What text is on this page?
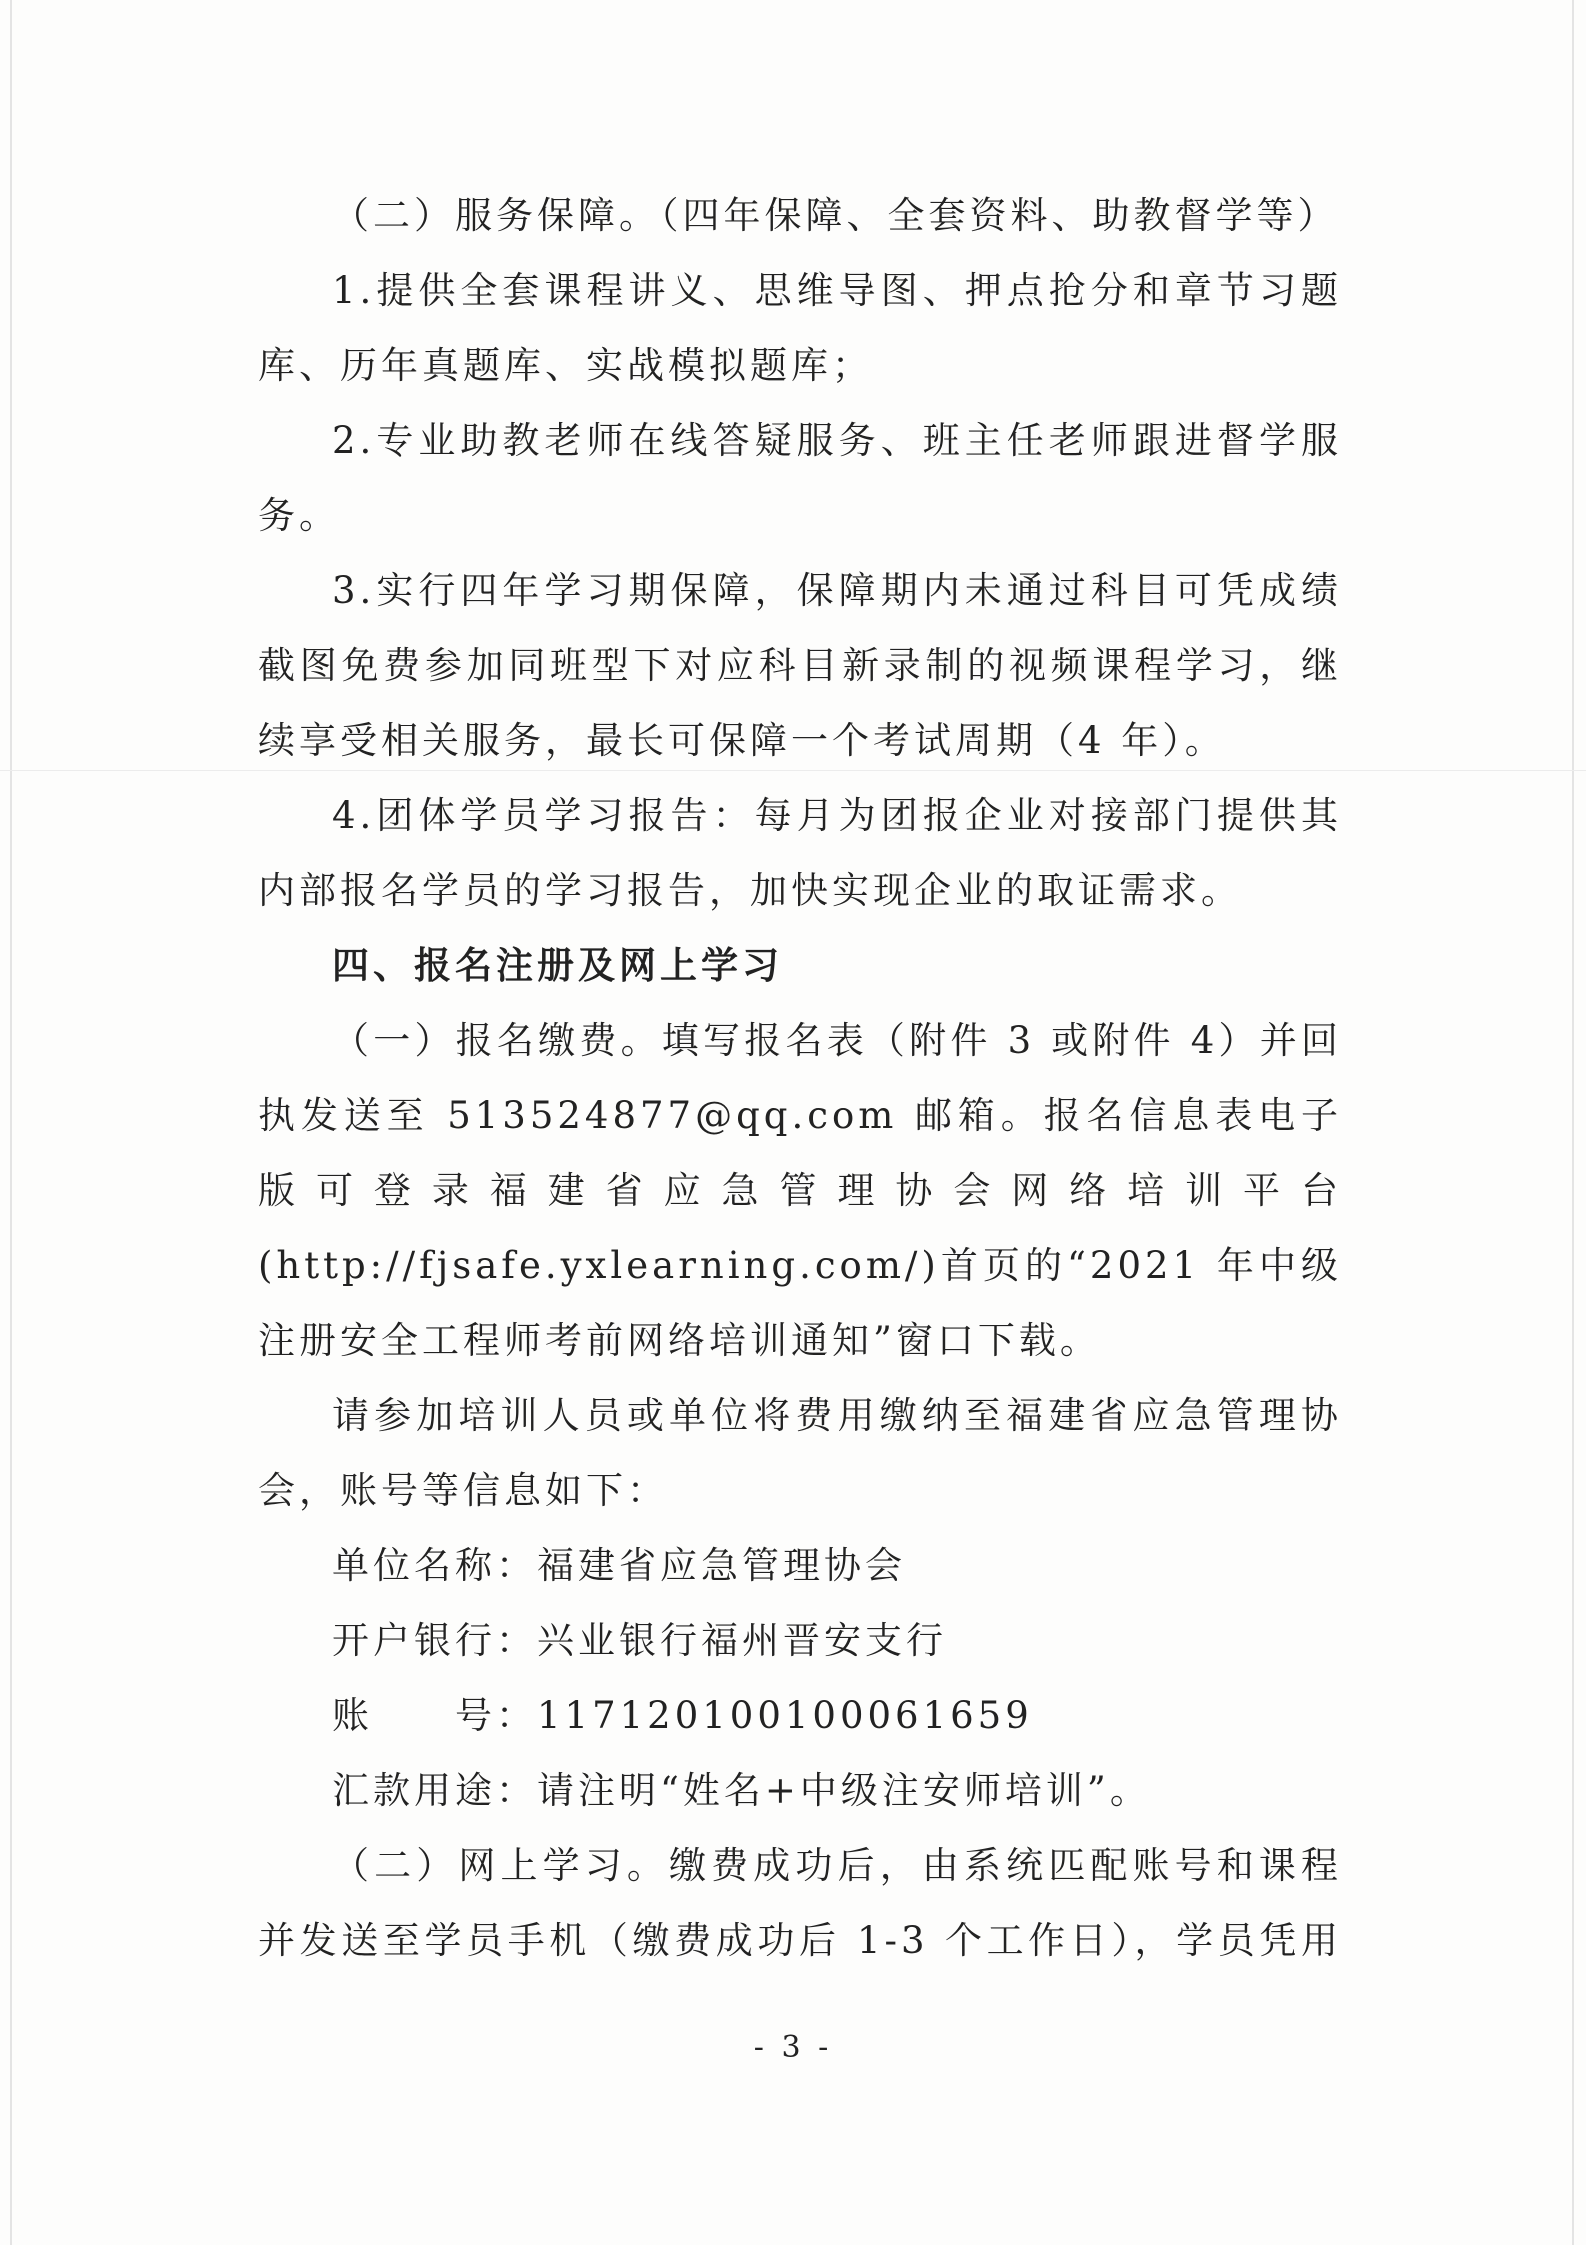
（二）服务保障。（四年保障、全套资料、助教督学等）

1.提供全套课程讲义、思维导图、押点抢分和章节习题库、历年真题库、实战模拟题库；

2.专业助教老师在线答疑服务、班主任老师跟进督学服务。

3.实行四年学习期保障，保障期内未通过科目可凭成绩截图免费参加同班型下对应科目新录制的视频课程学习，继续享受相关服务，最长可保障一个考试周期（4 年）。

4.团体学员学习报告：每月为团报企业对接部门提供其内部报名学员的学习报告，加快实现企业的取证需求。

四、报名注册及网上学习

（一）报名缴费。填写报名表（附件 3 或附件 4）并回执发送至 513524877@qq.com 邮箱。报名信息表电子版可登录福建省应急管理协会网络培训平台(http://fjsafe.yxlearning.com/)首页的“2021 年中级注册安全工程师考前网络培训通知”窗口下载。

请参加培训人员或单位将费用缴纳至福建省应急管理协会，账号等信息如下：

单位名称：福建省应急管理协会

开户银行：兴业银行福州晋安支行

账　　号：117120100100061659

汇款用途：请注明“姓名+中级注安师培训”。

（二）网上学习。缴费成功后，由系统匹配账号和课程并发送至学员手机（缴费成功后 1-3 个工作日），学员凭用

- 3 -
